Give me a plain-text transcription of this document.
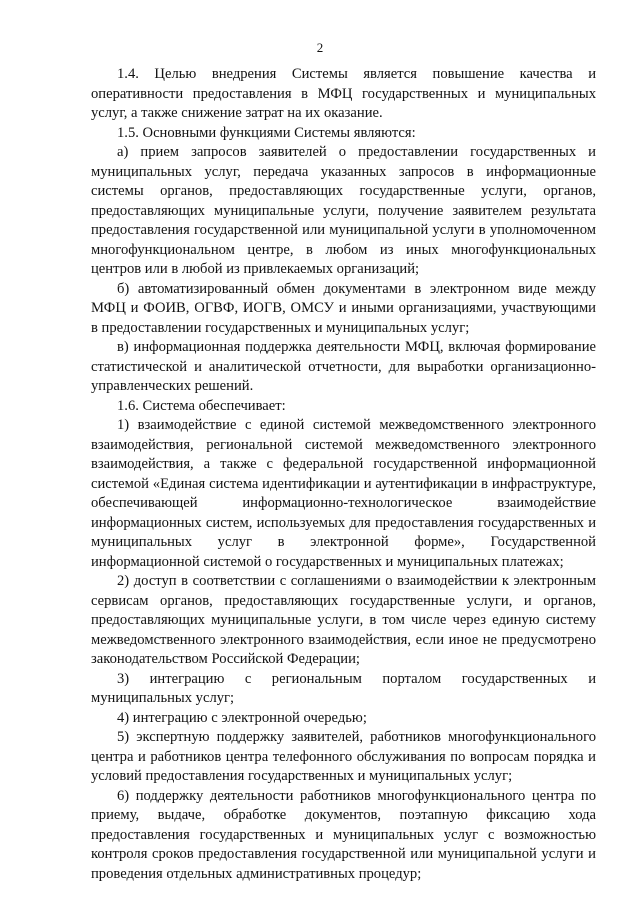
2

1.4. Целью внедрения Системы является повышение качества и оперативности предоставления в МФЦ государственных и муниципальных услуг, а также снижение затрат на их оказание.

1.5. Основными функциями Системы являются:

а) прием запросов заявителей о предоставлении государственных и муниципальных услуг, передача указанных запросов в информационные системы органов, предоставляющих государственные услуги, органов, предоставляющих муниципальные услуги, получение заявителем результата предоставления государственной или муниципальной услуги в уполномоченном многофункциональном центре, в любом из иных многофункциональных центров или в любой из привлекаемых организаций;

б) автоматизированный обмен документами в электронном виде между МФЦ и ФОИВ, ОГВФ, ИОГВ, ОМСУ и иными организациями, участвующими в предоставлении государственных и муниципальных услуг;

в) информационная поддержка деятельности МФЦ, включая формирование статистической и аналитической отчетности, для выработки организационно-управленческих решений.

1.6. Система обеспечивает:

1) взаимодействие с единой системой межведомственного электронного взаимодействия, региональной системой межведомственного электронного взаимодействия, а также с федеральной государственной информационной системой «Единая система идентификации и аутентификации в инфраструктуре, обеспечивающей информационно-технологическое взаимодействие информационных систем, используемых для предоставления государственных и муниципальных услуг в электронной форме», Государственной информационной системой о государственных и муниципальных платежах;

2) доступ в соответствии с соглашениями о взаимодействии к электронным сервисам органов, предоставляющих государственные услуги, и органов, предоставляющих муниципальные услуги, в том числе через единую систему межведомственного электронного взаимодействия, если иное не предусмотрено законодательством Российской Федерации;

3) интеграцию с региональным порталом государственных и муниципальных услуг;

4) интеграцию с электронной очередью;

5) экспертную поддержку заявителей, работников многофункционального центра и работников центра телефонного обслуживания по вопросам порядка и условий предоставления государственных и муниципальных услуг;

6) поддержку деятельности работников многофункционального центра по приему, выдаче, обработке документов, поэтапную фиксацию хода предоставления государственных и муниципальных услуг с возможностью контроля сроков предоставления государственной или муниципальной услуги и проведения отдельных административных процедур;
